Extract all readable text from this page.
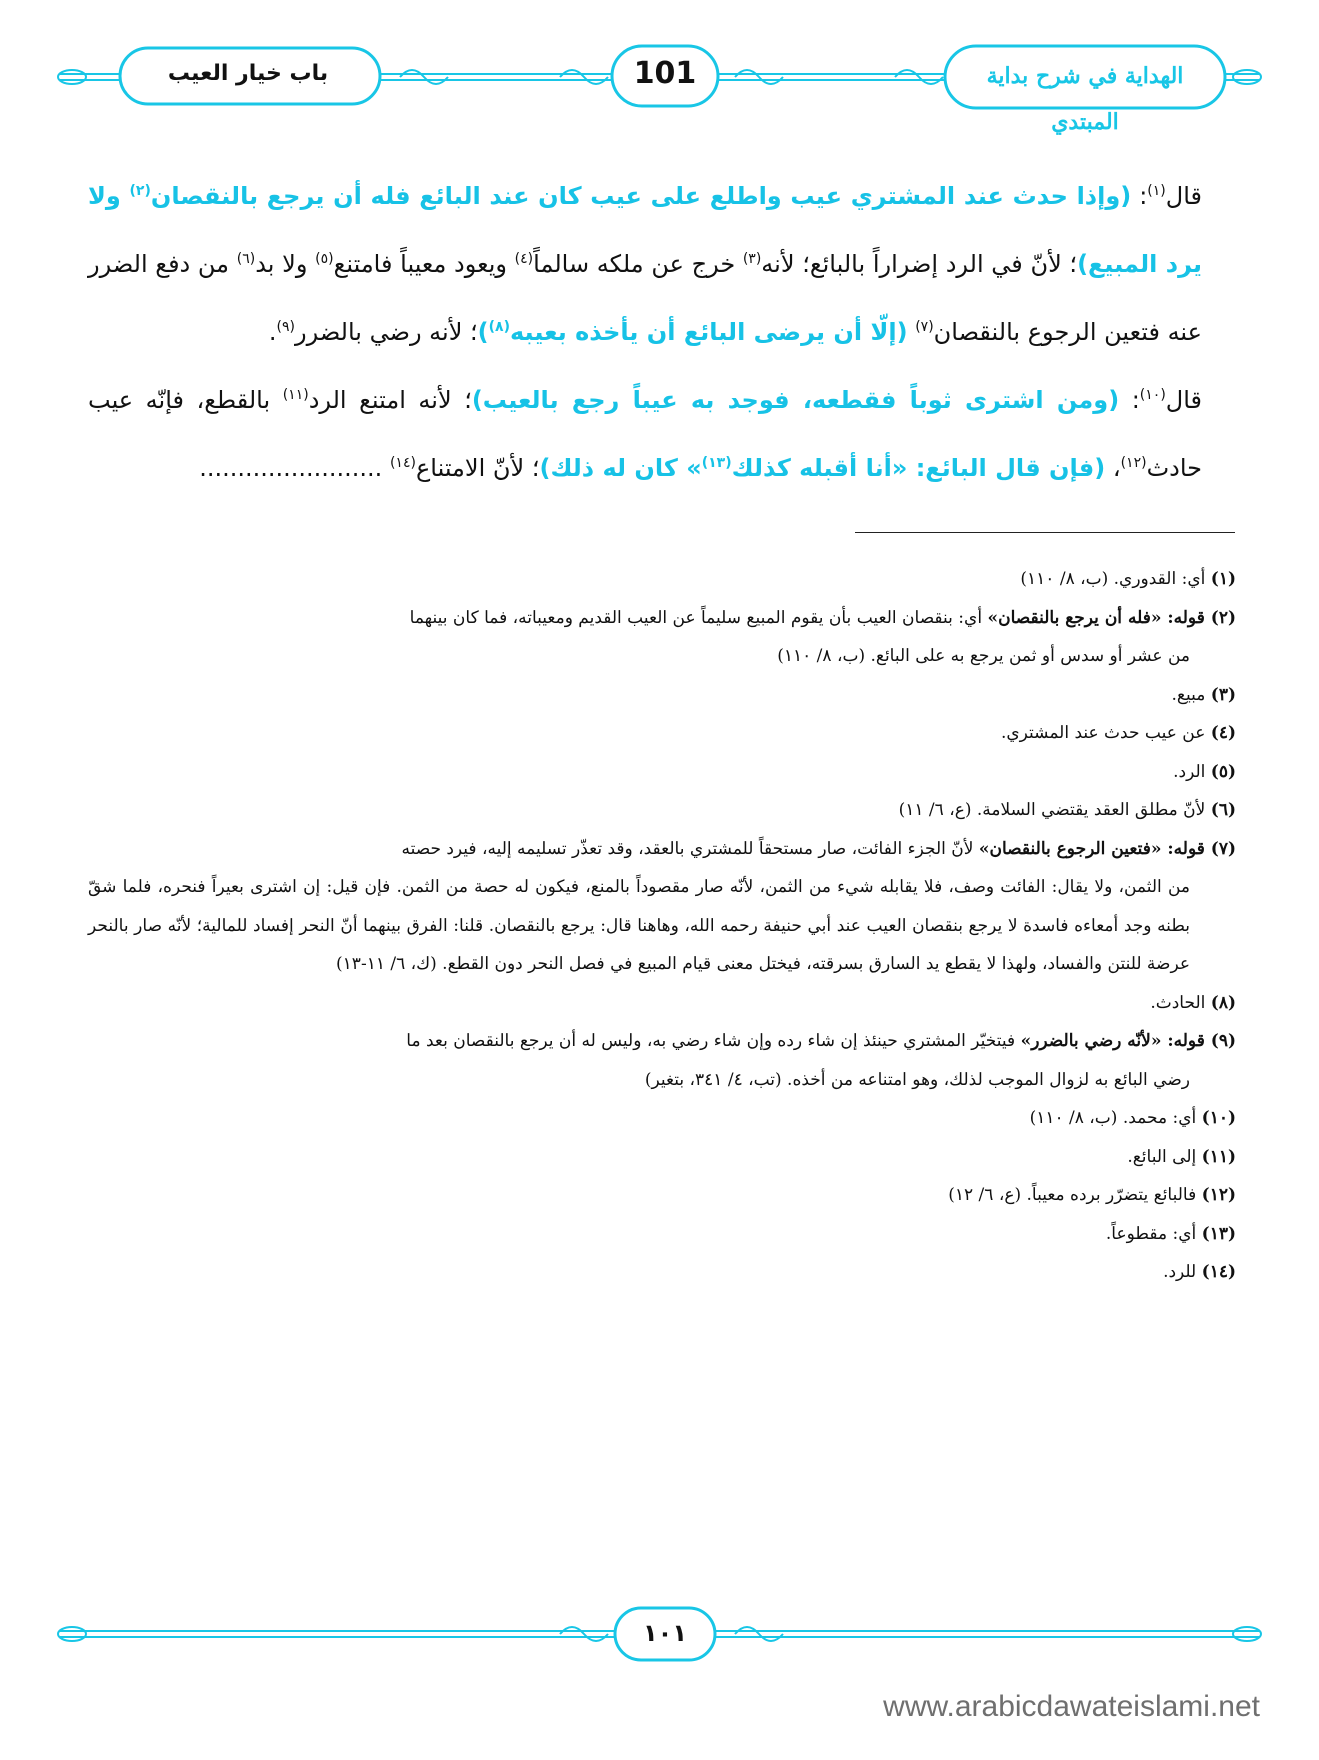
باب خيار العيب	101	الهداية في شرح بداية المبتدي

قال$^{(١)}$: (وإذا حدث عند المشتري عيب واطلع على عيب كان عند البائع فله أن يرجع بالنقصان$^{(٢)}$ ولا يرد المبيع)؛ لأنّ في الرد إضراراً بالبائع؛ لأنه$^{(٣)}$ خرج عن ملكه سالماً$^{(٤)}$ ويعود معيباً فامتنع$^{(٥)}$ ولا بد$^{(٦)}$ من دفع الضرر عنه فتعين الرجوع بالنقصان$^{(٧)}$ (إلّا أن يرضى البائع أن يأخذه بعيبه$^{(٨)}$)؛ لأنه رضي بالضرر$^{(٩)}$.

قال$^{(١٠)}$: (ومن اشترى ثوباً فقطعه، فوجد به عيباً رجع بالعيب)؛ لأنه امتنع الرد$^{(١١)}$ بالقطع، فإنّه عيب حادث$^{(١٢)}$، (فإن قال البائع: «أنا أقبله كذلك$^{(١٣)}$» كان له ذلك)؛ لأنّ الامتناع$^{(١٤)}$ ........................

(١) أي: القدوري. (ب، ٨/ ١١٠)

(٢) قوله: «فله أن يرجع بالنقصان» أي: بنقصان العيب بأن يقوم المبيع سليماً عن العيب القديم ومعيباته، فما كان بينهما
من عشر أو سدس أو ثمن يرجع به على البائع. (ب، ٨/ ١١٠)

(٣) مبيع.

(٤) عن عيب حدث عند المشتري.

(٥) الرد.

(٦) لأنّ مطلق العقد يقتضي السلامة. (ع، ٦/ ١١)

(٧) قوله: «فتعين الرجوع بالنقصان» لأنّ الجزء الفائت، صار مستحقاً للمشتري بالعقد، وقد تعذّر تسليمه إليه، فيرد حصته
من الثمن، ولا يقال: الفائت وصف، فلا يقابله شيء من الثمن، لأنّه صار مقصوداً بالمنع، فيكون له حصة من الثمن. فإن قيل: إن اشترى بعيراً فنحره، فلما شقّ بطنه وجد أمعاءه فاسدة لا يرجع بنقصان العيب عند أبي حنيفة رحمه الله، وهاهنا قال: يرجع بالنقصان. قلنا: الفرق بينهما أنّ النحر إفساد للمالية؛ لأنّه صار بالنحر عرضة للنتن والفساد، ولهذا لا يقطع يد السارق بسرقته، فيختل معنى قيام المبيع في فصل النحر دون القطع. (ك، ٦/ ١١-١٣)

(٨) الحادث.

(٩) قوله: «لأنّه رضي بالضرر» فيتخيّر المشتري حينئذ إن شاء رده وإن شاء رضي به، وليس له أن يرجع بالنقصان بعد ما
رضي البائع به لزوال الموجب لذلك، وهو امتناعه من أخذه. (تب، ٤/ ٣٤١، بتغير)

(١٠) أي: محمد. (ب، ٨/ ١١٠)

(١١) إلى البائع.

(١٢) فالبائع يتضرّر برده معيباً. (ع، ٦/ ١٢)

(١٣) أي: مقطوعاً.

(١٤) للرد.

١٠١
www.arabicdawateislami.net
